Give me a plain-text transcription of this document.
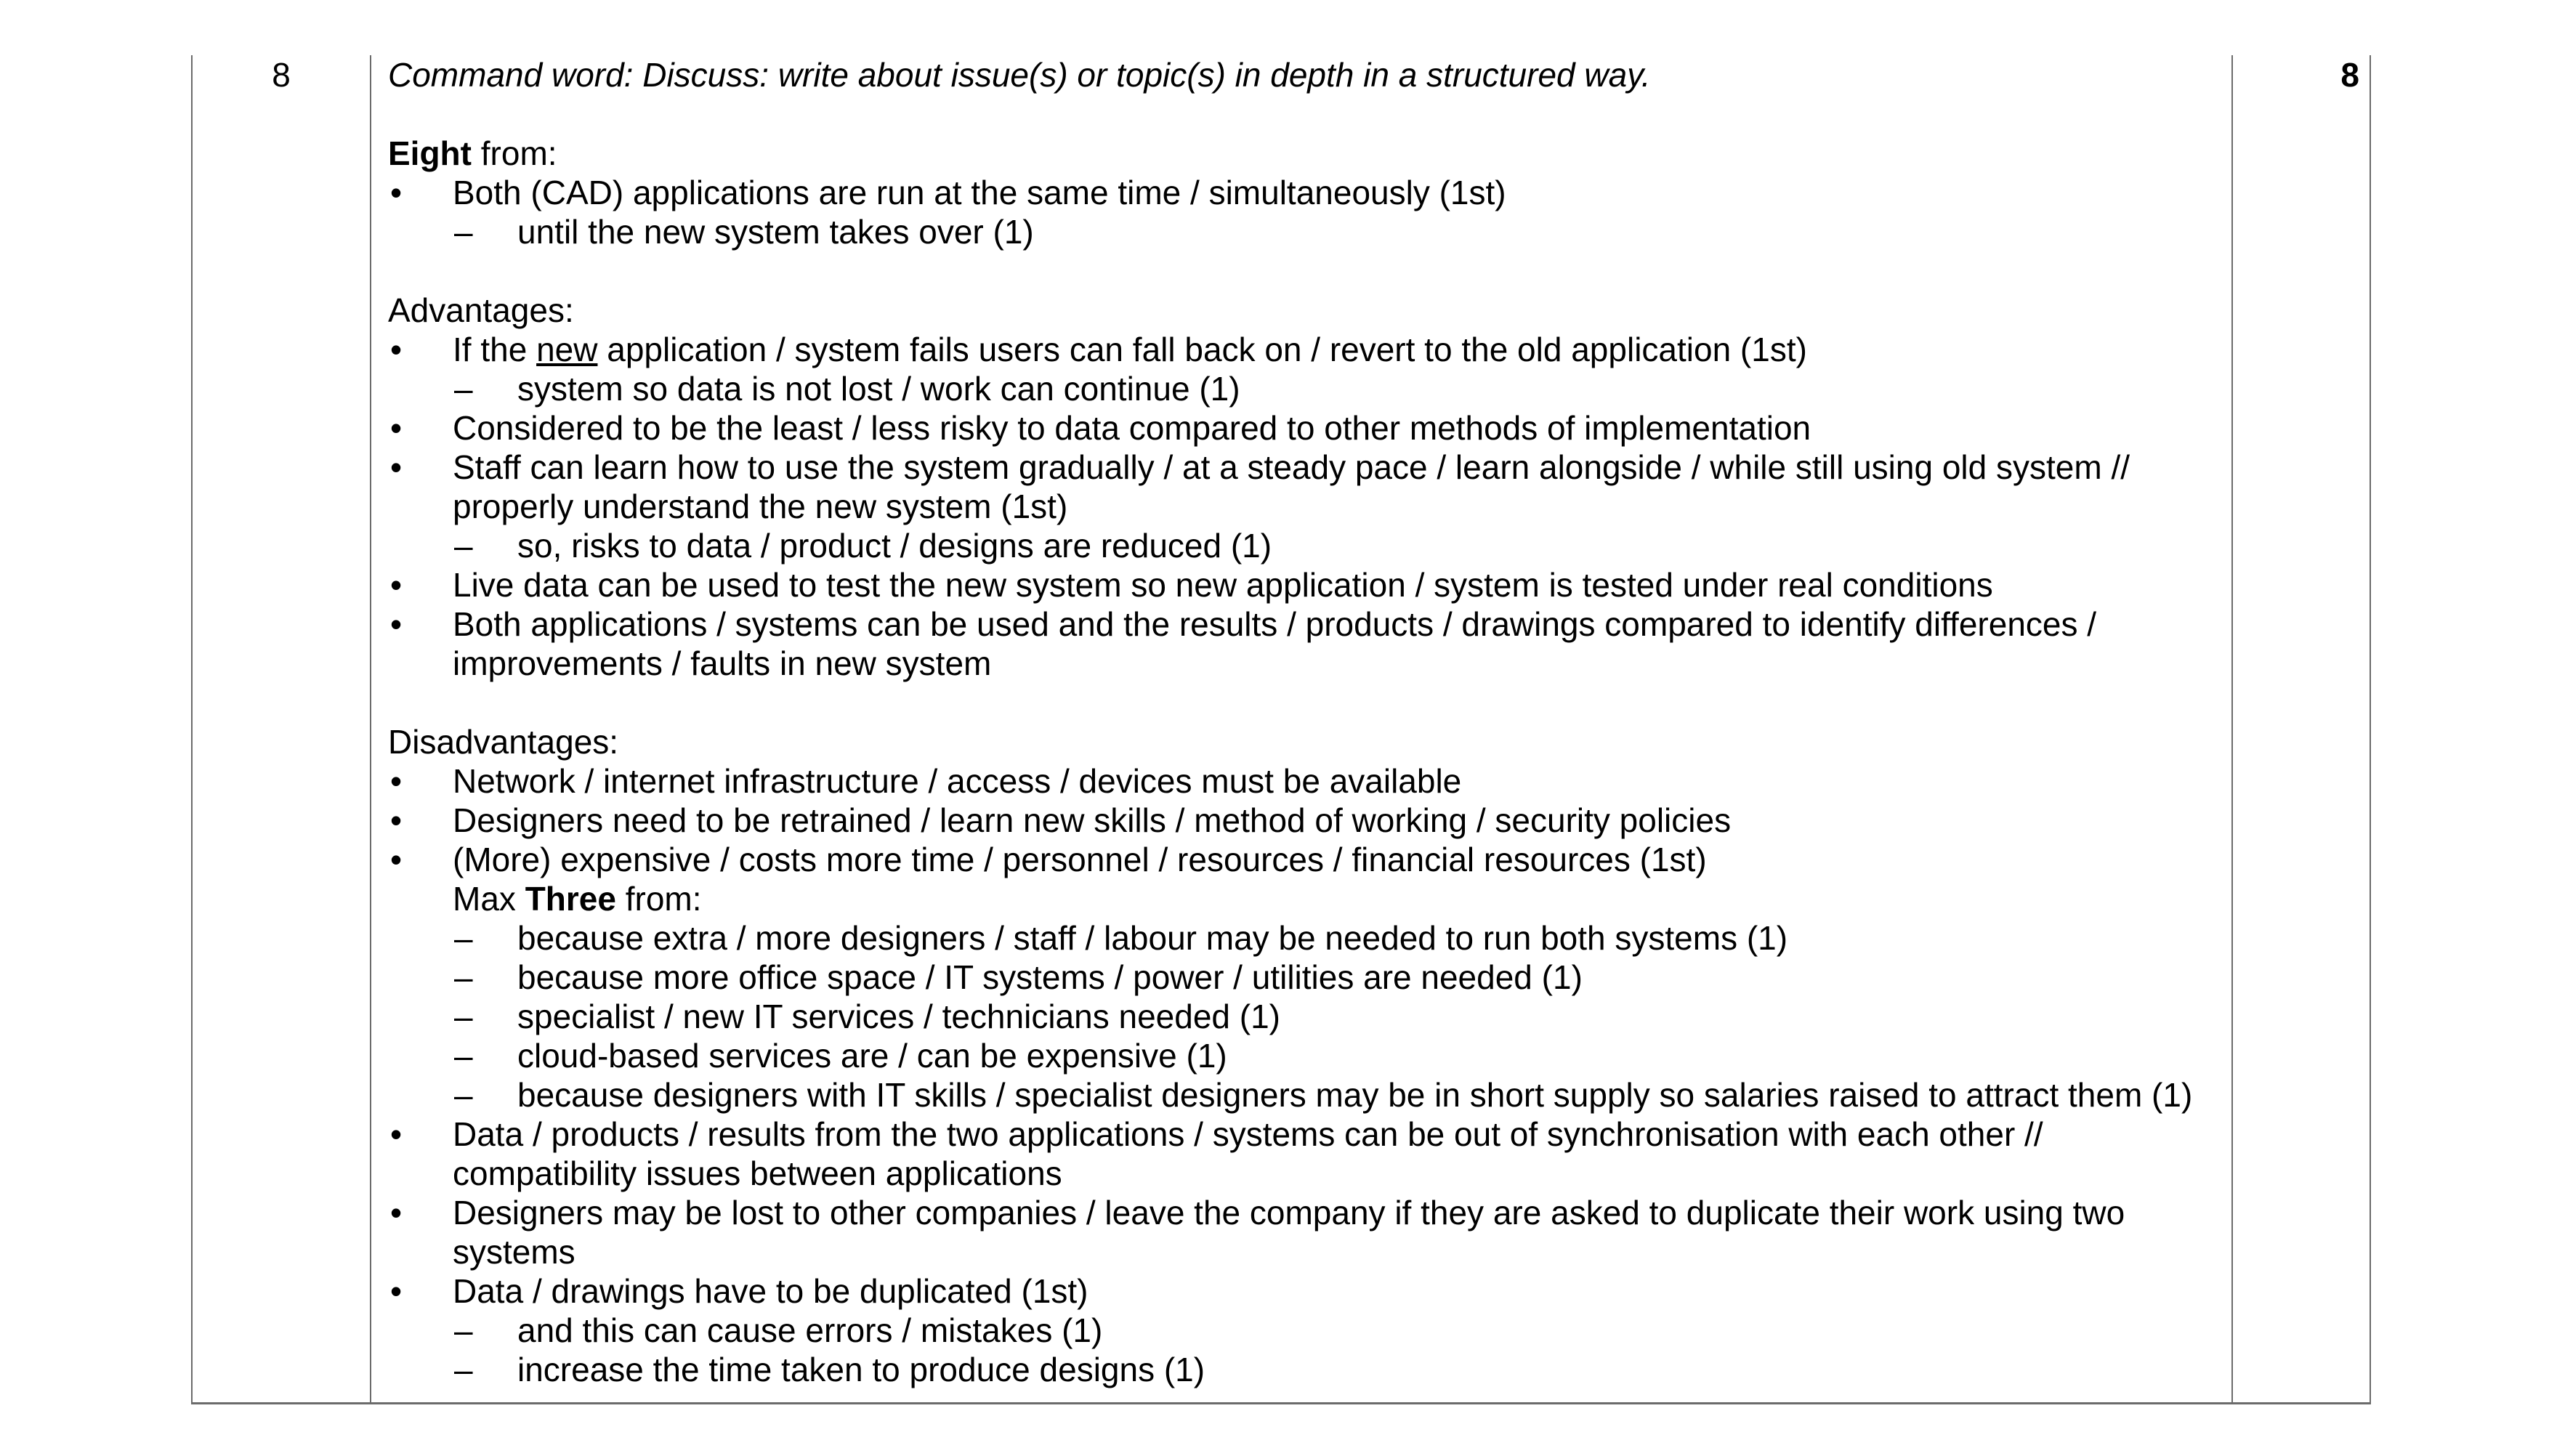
8	Command word: Discuss: write about issue(s) or topic(s) in depth in a structured way.

Eight from:

• Both (CAD) applications are run at the same time / simultaneously (1st)
– until the new system takes over (1)

Advantages:

• If the new application / system fails users can fall back on / revert to the old application (1st)
– system so data is not lost / work can continue (1)
• Considered to be the least / less risky to data compared to other methods of implementation
• Staff can learn how to use the system gradually / at a steady pace / learn alongside / while still using old system // properly understand the new system (1st)
– so, risks to data / product / designs are reduced (1)
• Live data can be used to test the new system so new application / system is tested under real conditions
• Both applications / systems can be used and the results / products / drawings compared to identify differences / improvements / faults in new system

Disadvantages:

• Network / internet infrastructure / access / devices must be available
• Designers need to be retrained / learn new skills / method of working / security policies
• (More) expensive / costs more time / personnel / resources / financial resources (1st)

Max Three from:

– because extra / more designers / staff / labour may be needed to run both systems (1)
– because more office space / IT systems / power / utilities are needed (1)
– specialist / new IT services / technicians needed (1)
– cloud-based services are / can be expensive (1)
– because designers with IT skills / specialist designers may be in short supply so salaries raised to attract them (1)
• Data / products / results from the two applications / systems can be out of synchronisation with each other // compatibility issues between applications
• Designers may be lost to other companies / leave the company if they are asked to duplicate their work using two systems
• Data / drawings have to be duplicated (1st)
– and this can cause errors / mistakes (1)
– increase the time taken to produce designs (1)
	8
